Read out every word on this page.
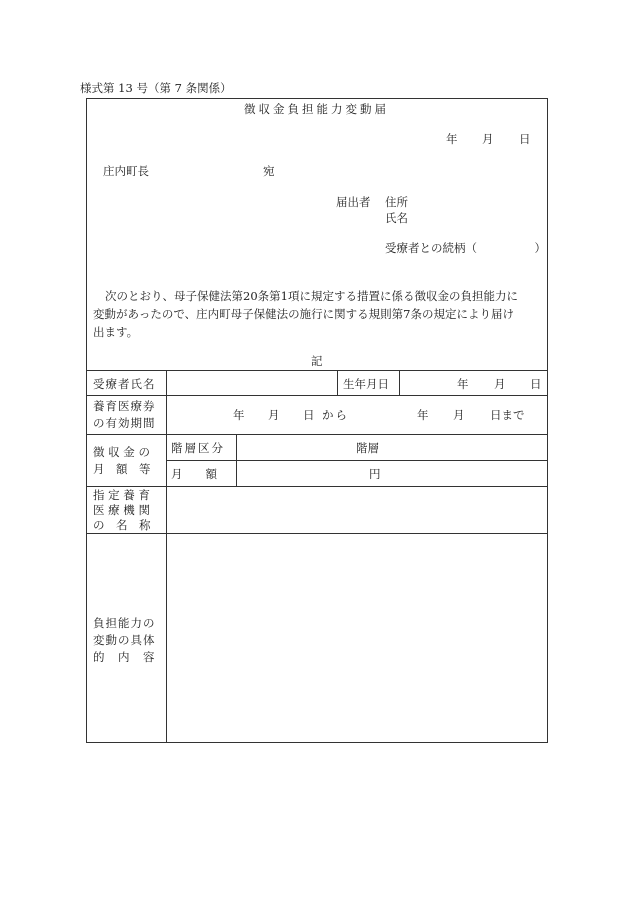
様式第 13 号（第 7 条関係）
徴収金負担能力変動届
年 月 日
庄内町長	宛
届出者 住所
氏名
受療者との続柄（　　　　　）
次のとおり、母子保健法第20条第1項に規定する措置に係る徴収金の負担能力に
変動があったので、庄内町母子保健法の施行に関する規則第7条の規定により届け
出ます。
記
受療者氏名	生年月日	年 月 日
養育医療券
の有効期間
年 月 日 から	年 月 日まで
徴 収 金 の
月　額　等
階層区分	階層
月　　額	円
指 定 養 育
医 療 機 関
の　名　称
負担能力の
変動の具体
的　内　容
